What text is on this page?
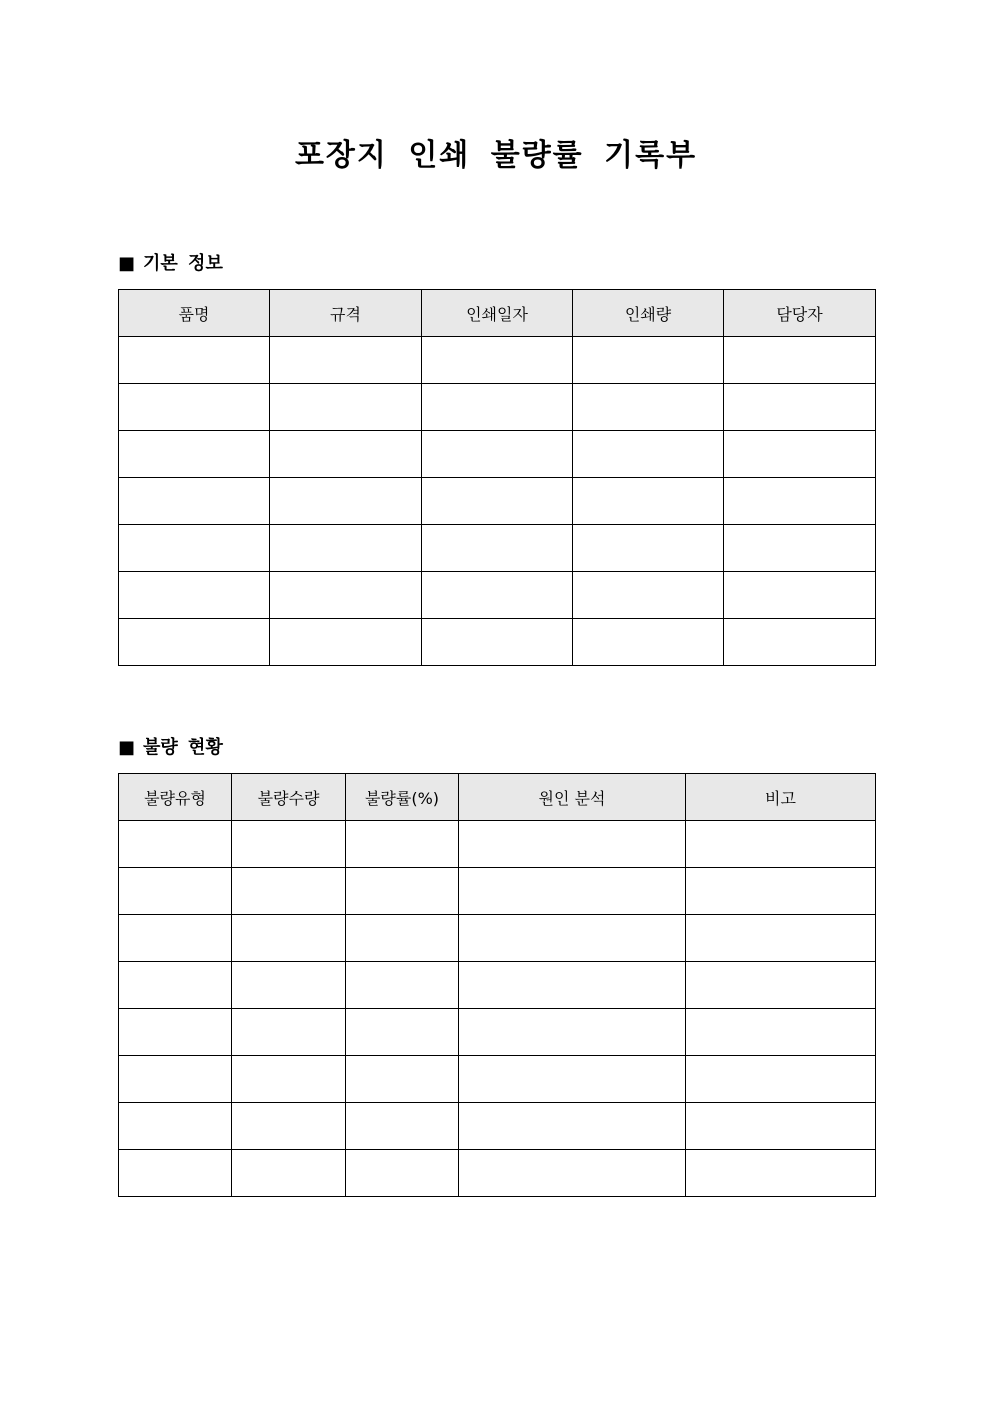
포장지 인쇄 불량률 기록부
■ 기본 정보
품명	규격	인쇄일자	인쇄량	담당자

■ 불량 현황
불량유형	불량수량	불량률(%)	원인 분석	비고
